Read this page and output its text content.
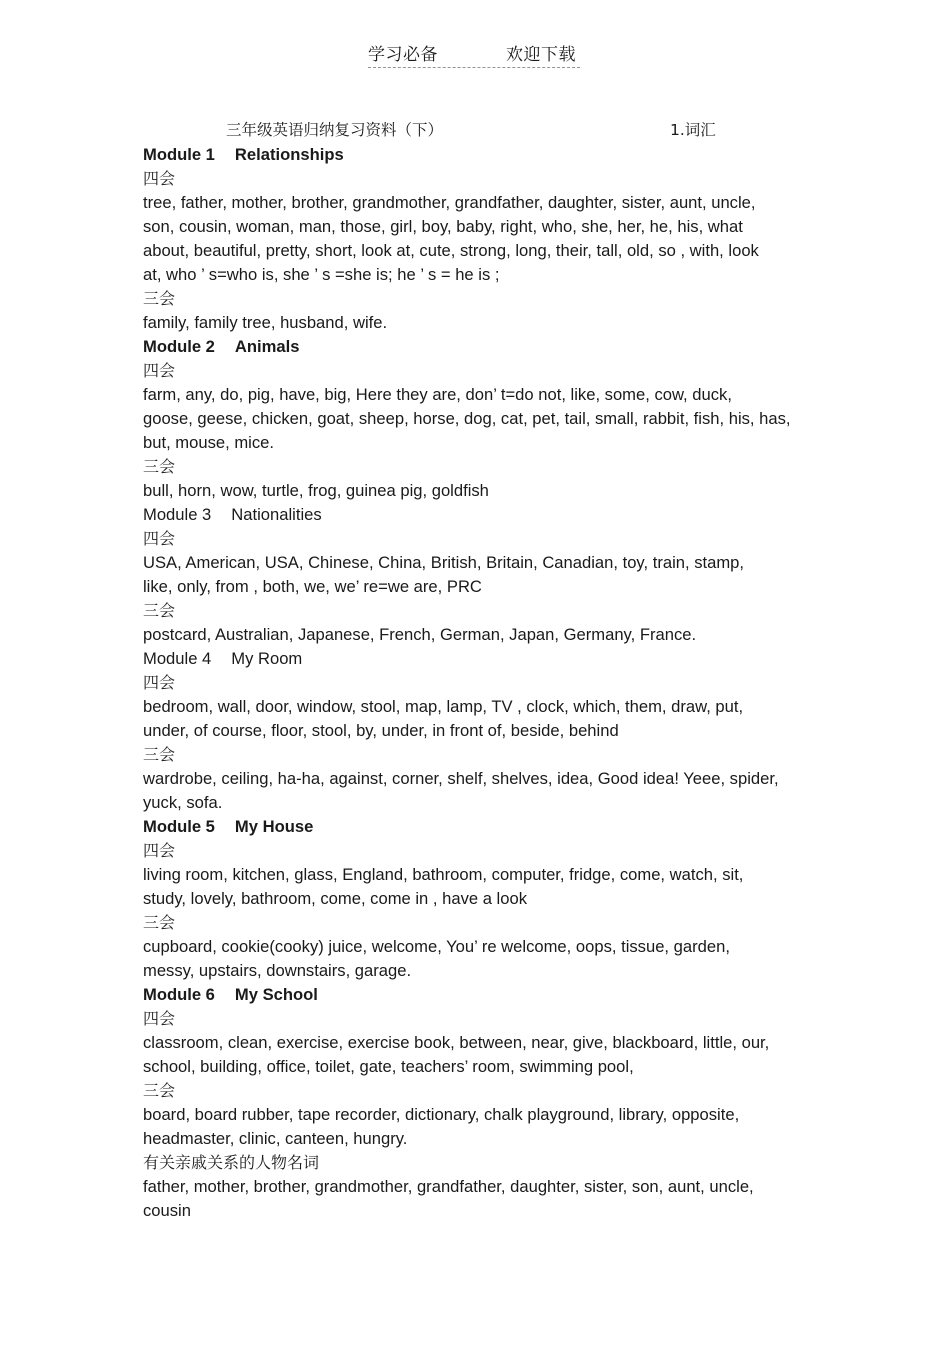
学习必备	欢迎下载
三年级英语归纳复习资料（下）	1.词汇

Module 1 Relationships

四会

tree, father, mother, brother, grandmother, grandfather, daughter, sister, aunt, uncle,
son, cousin, woman, man, those, girl, boy, baby, right, who, she, her, he, his, what
about, beautiful, pretty, short, look at, cute, strong, long, their, tall, old, so , with, look
at, who ’ s=who is, she ’ s =she is; he ’ s = he is ;

三会

family, family tree, husband, wife.

Module 2 Animals

四会

farm, any, do, pig, have, big, Here they are, don’ t=do not, like, some, cow, duck,
goose, geese, chicken, goat, sheep, horse, dog, cat, pet, tail, small, rabbit, fish, his, has,
but, mouse, mice.

三会

bull, horn, wow, turtle, frog, guinea pig, goldfish

Module 3 Nationalities

四会

USA, American, USA, Chinese, China, British, Britain, Canadian, toy, train, stamp,
like, only, from , both, we, we’ re=we are, PRC

三会

postcard, Australian, Japanese, French, German, Japan, Germany, France.

Module 4 My Room

四会

bedroom, wall, door, window, stool, map, lamp, TV , clock, which, them, draw, put,
under, of course, floor, stool, by, under, in front of, beside, behind

三会

wardrobe, ceiling, ha-ha, against, corner, shelf, shelves, idea, Good idea! Yeee, spider,
yuck, sofa.

Module 5 My House

四会

living room, kitchen, glass, England, bathroom, computer, fridge, come, watch, sit,
study, lovely, bathroom, come, come in , have a look

三会

cupboard, cookie(cooky) juice, welcome, You’ re welcome, oops, tissue, garden,
messy, upstairs, downstairs, garage.

Module 6 My School

四会

classroom, clean, exercise, exercise book, between, near, give, blackboard, little, our,
school, building, office, toilet, gate, teachers’ room, swimming pool,

三会

board, board rubber, tape recorder, dictionary, chalk playground, library, opposite,
headmaster, clinic, canteen, hungry.

有关亲戚关系的人物名词

father, mother, brother, grandmother, grandfather, daughter, sister, son, aunt, uncle,
cousin
